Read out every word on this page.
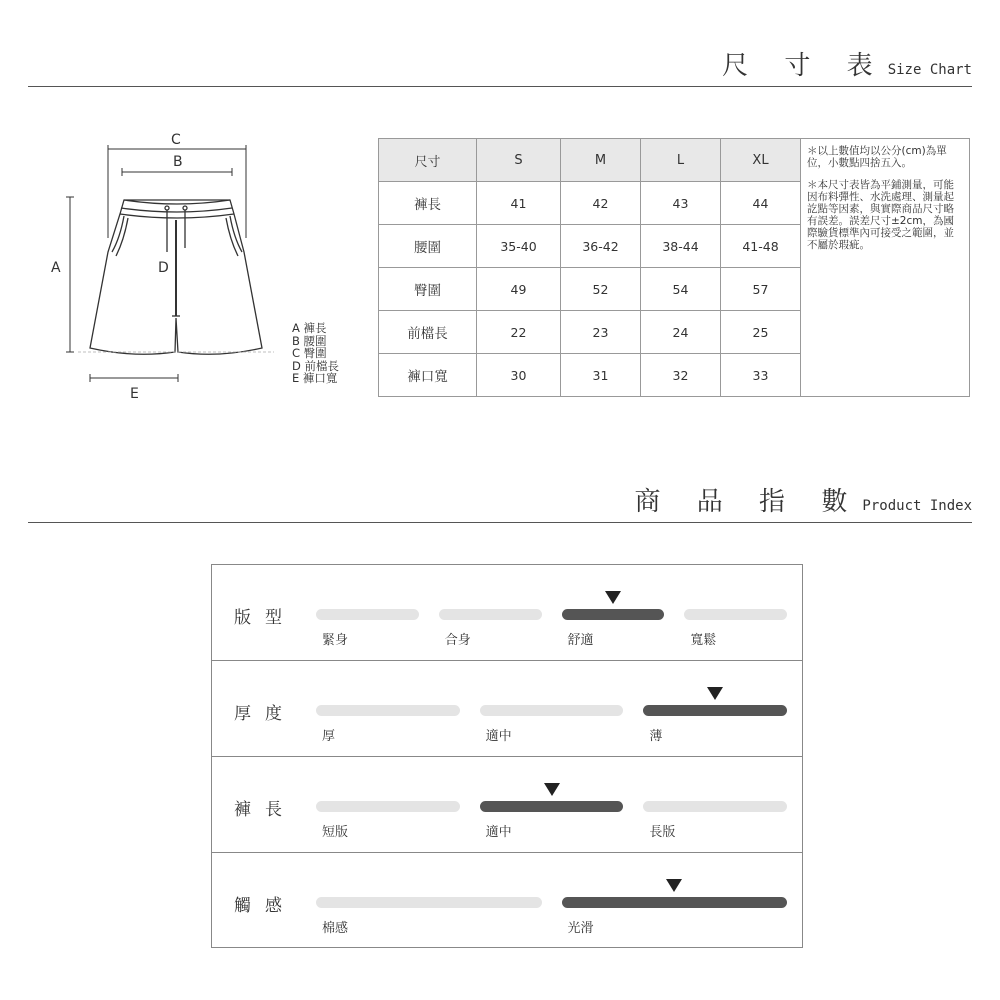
尺 寸 表 Size Chart
C
B
A	D
E
A 褲長
B 腰圍
C 臀圍
D 前檔長
E 褲口寬
尺寸	S	M	L	XL	＊以上數值均以公分(cm)為單位，小數點四捨五入。

＊本尺寸表皆為平鋪測量，可能因布料彈性、水洗處理、測量起訖點等因素，與實際商品尺寸略有誤差。誤差尺寸±2cm，為國際驗貨標準內可接受之範圍，並不屬於瑕疵。

褲長	41	42	43	44	
腰圍	35-40	36-42	38-44	41-48	
臀圍	49	52	54	57	
前檔長	22	23	24	25	
褲口寬	30	31	32	33	
商 品 指 數 Product Index
版型
緊身	合身	舒適	寬鬆
厚度
厚	適中	薄
褲長
短版	適中	長版
觸感
棉感	光滑
